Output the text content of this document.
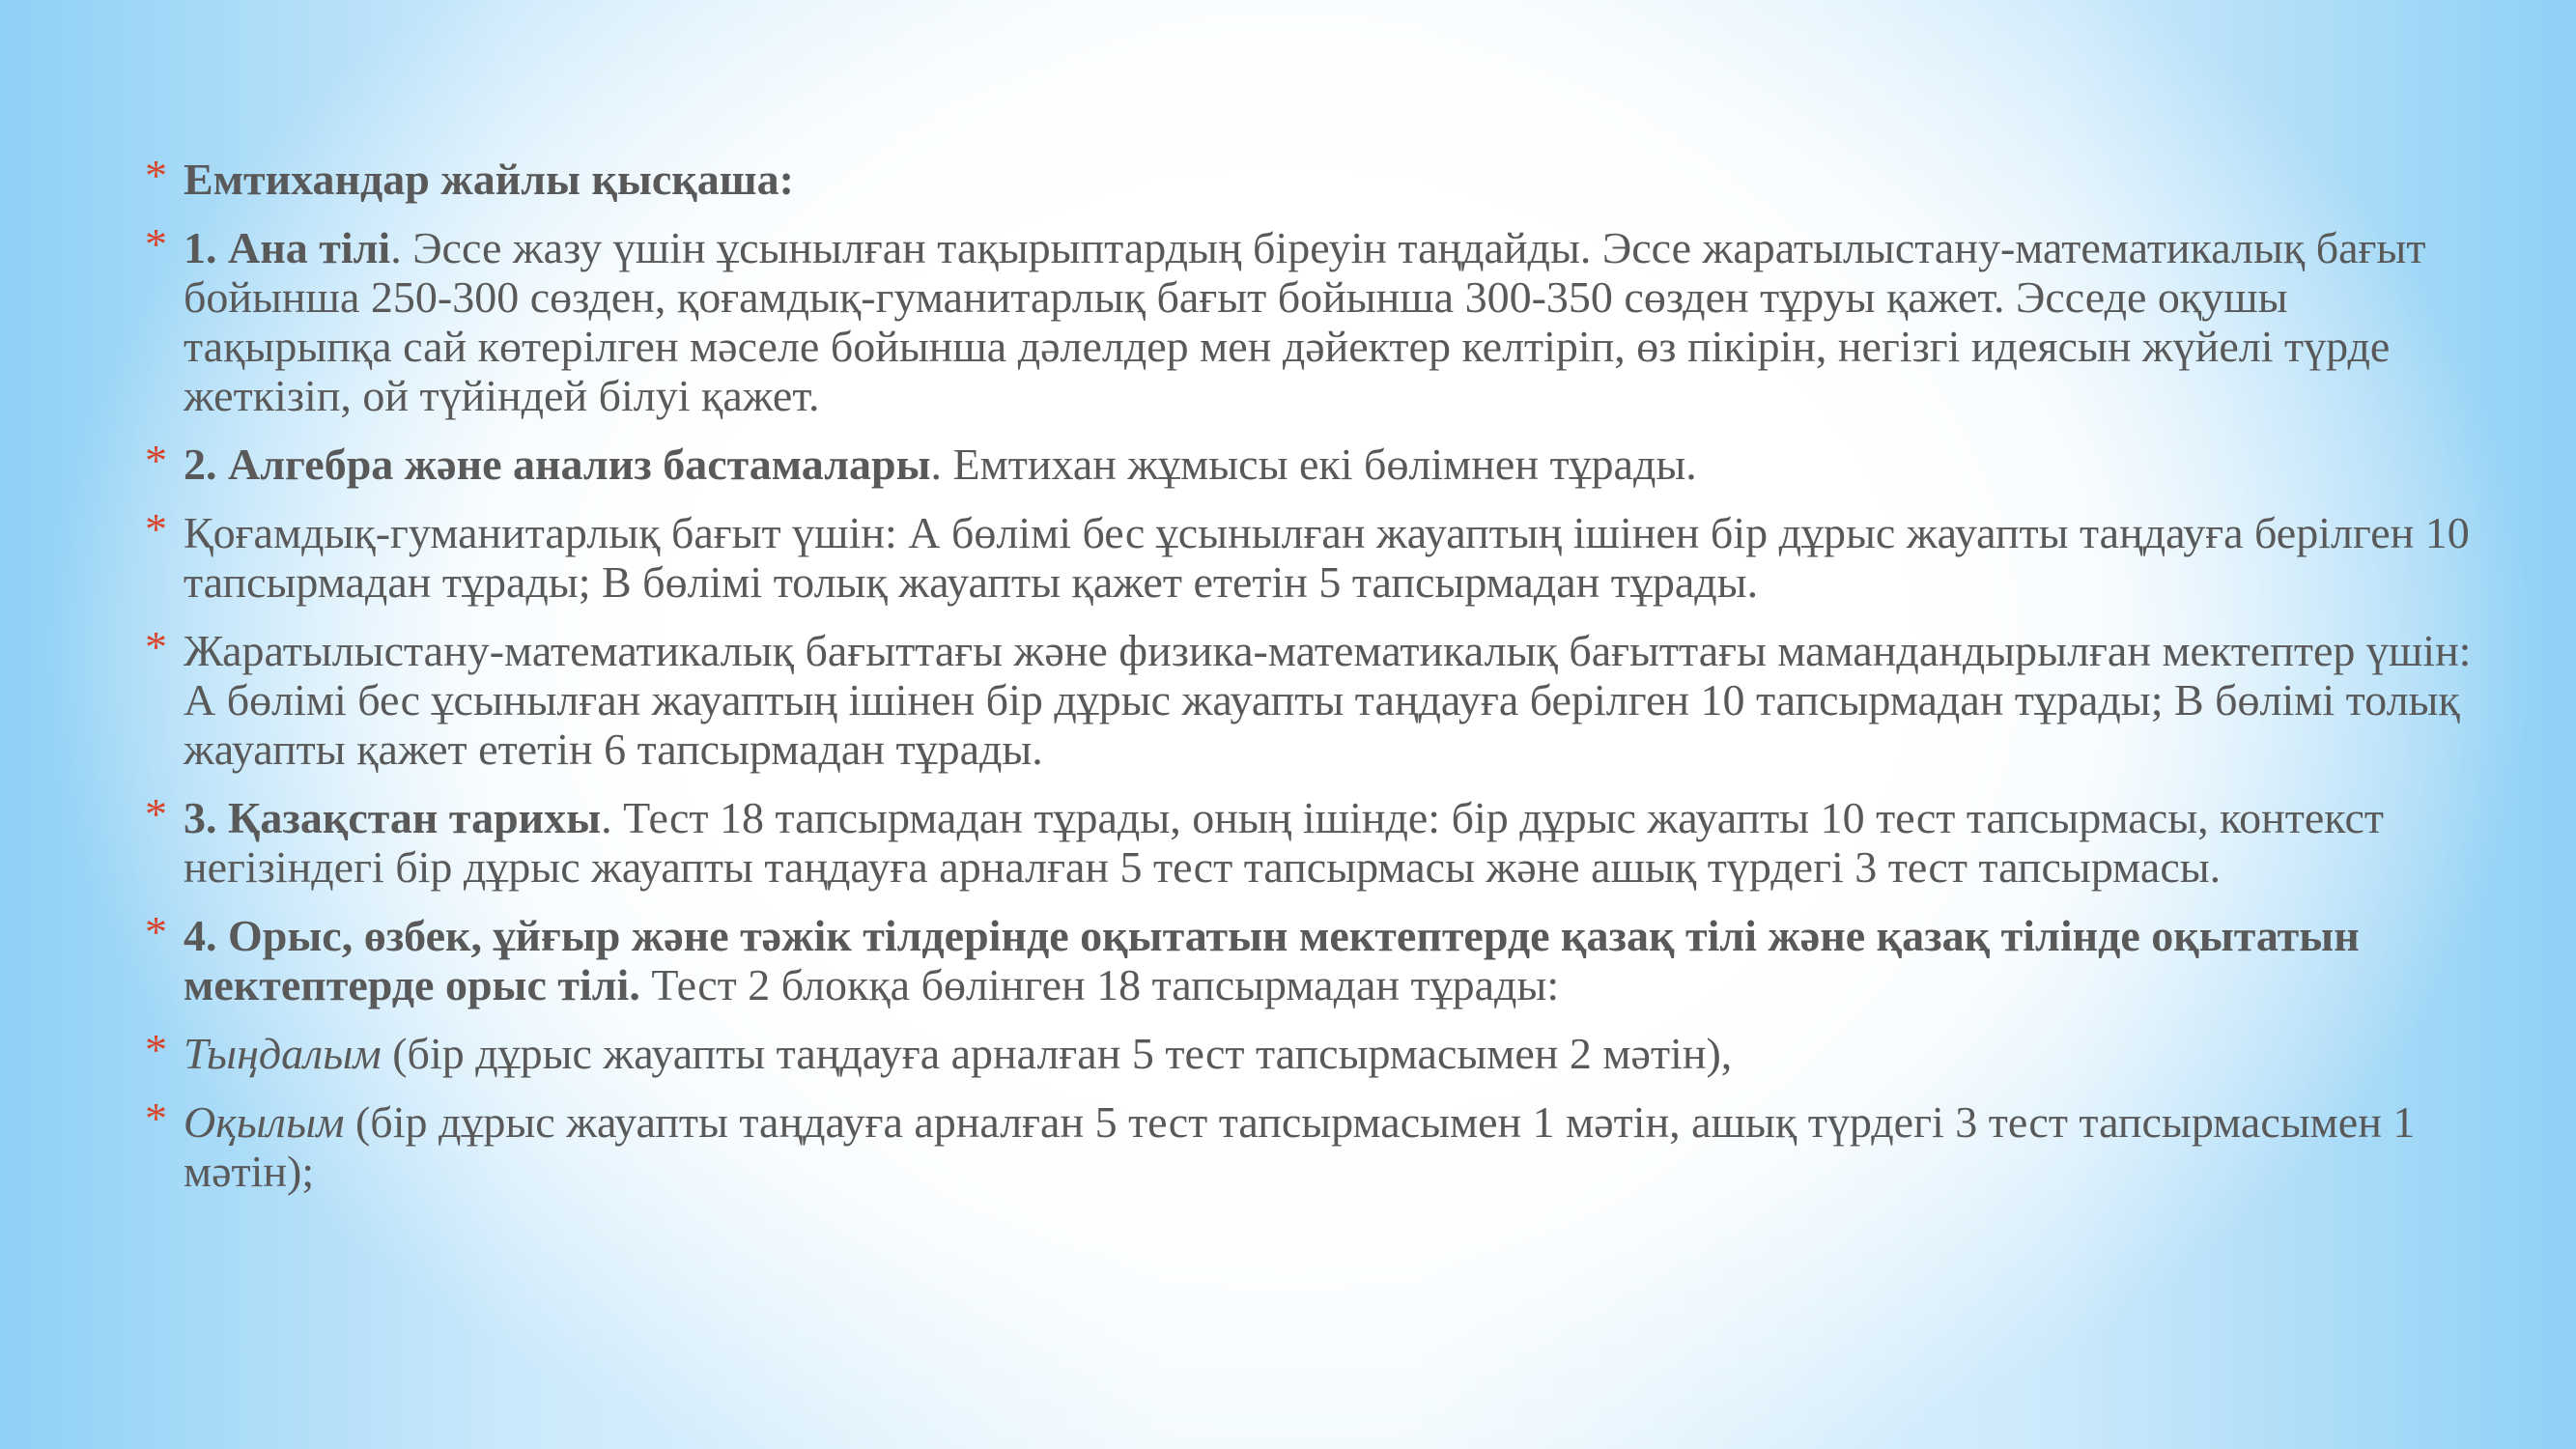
* Емтихандар жайлы қысқаша:
* 1. Ана тілі. Эссе жазу үшін ұсынылған тақырыптардың біреуін таңдайды. Эссе жаратылыстану-математикалық бағыт бойынша 250-300 сөзден, қоғамдық-гуманитарлық бағыт бойынша 300-350 сөзден тұруы қажет. Эсседе оқушы тақырыпқа сай көтерілген мәселе бойынша дәлелдер мен дәйектер келтіріп, өз пікірін, негізгі идеясын жүйелі түрде жеткізіп, ой түйіндей білуі қажет.
* 2. Алгебра және анализ бастамалары. Емтихан жұмысы екі бөлімнен тұрады.
* Қоғамдық-гуманитарлық бағыт үшін: А бөлімі бес ұсынылған жауаптың ішінен бір дұрыс жауапты таңдауға берілген 10 тапсырмадан тұрады; В бөлімі толық жауапты қажет ететін 5 тапсырмадан тұрады.
* Жаратылыстану-математикалық бағыттағы және физика-математикалық бағыттағы мамандандырылған мектептер үшін: А бөлімі бес ұсынылған жауаптың ішінен бір дұрыс жауапты таңдауға берілген 10 тапсырмадан тұрады; В бөлімі толық жауапты қажет ететін 6 тапсырмадан тұрады.
* 3. Қазақстан тарихы. Тест 18 тапсырмадан тұрады, оның ішінде: бір дұрыс жауапты 10 тест тапсырмасы, контекст негізіндегі бір дұрыс жауапты таңдауға арналған 5 тест тапсырмасы және ашық түрдегі 3 тест тапсырмасы.
* 4. Орыс, өзбек, ұйғыр және тәжік тілдерінде оқытатын мектептерде қазақ тілі және қазақ тілінде оқытатын мектептерде орыс тілі. Тест 2 блокқа бөлінген 18 тапсырмадан тұрады:
* Тыңдалым (бір дұрыс жауапты таңдауға арналған 5 тест тапсырмасымен 2 мәтін),
* Оқылым (бір дұрыс жауапты таңдауға арналған 5 тест тапсырмасымен 1 мәтін, ашық түрдегі 3 тест тапсырмасымен 1 мәтін);
